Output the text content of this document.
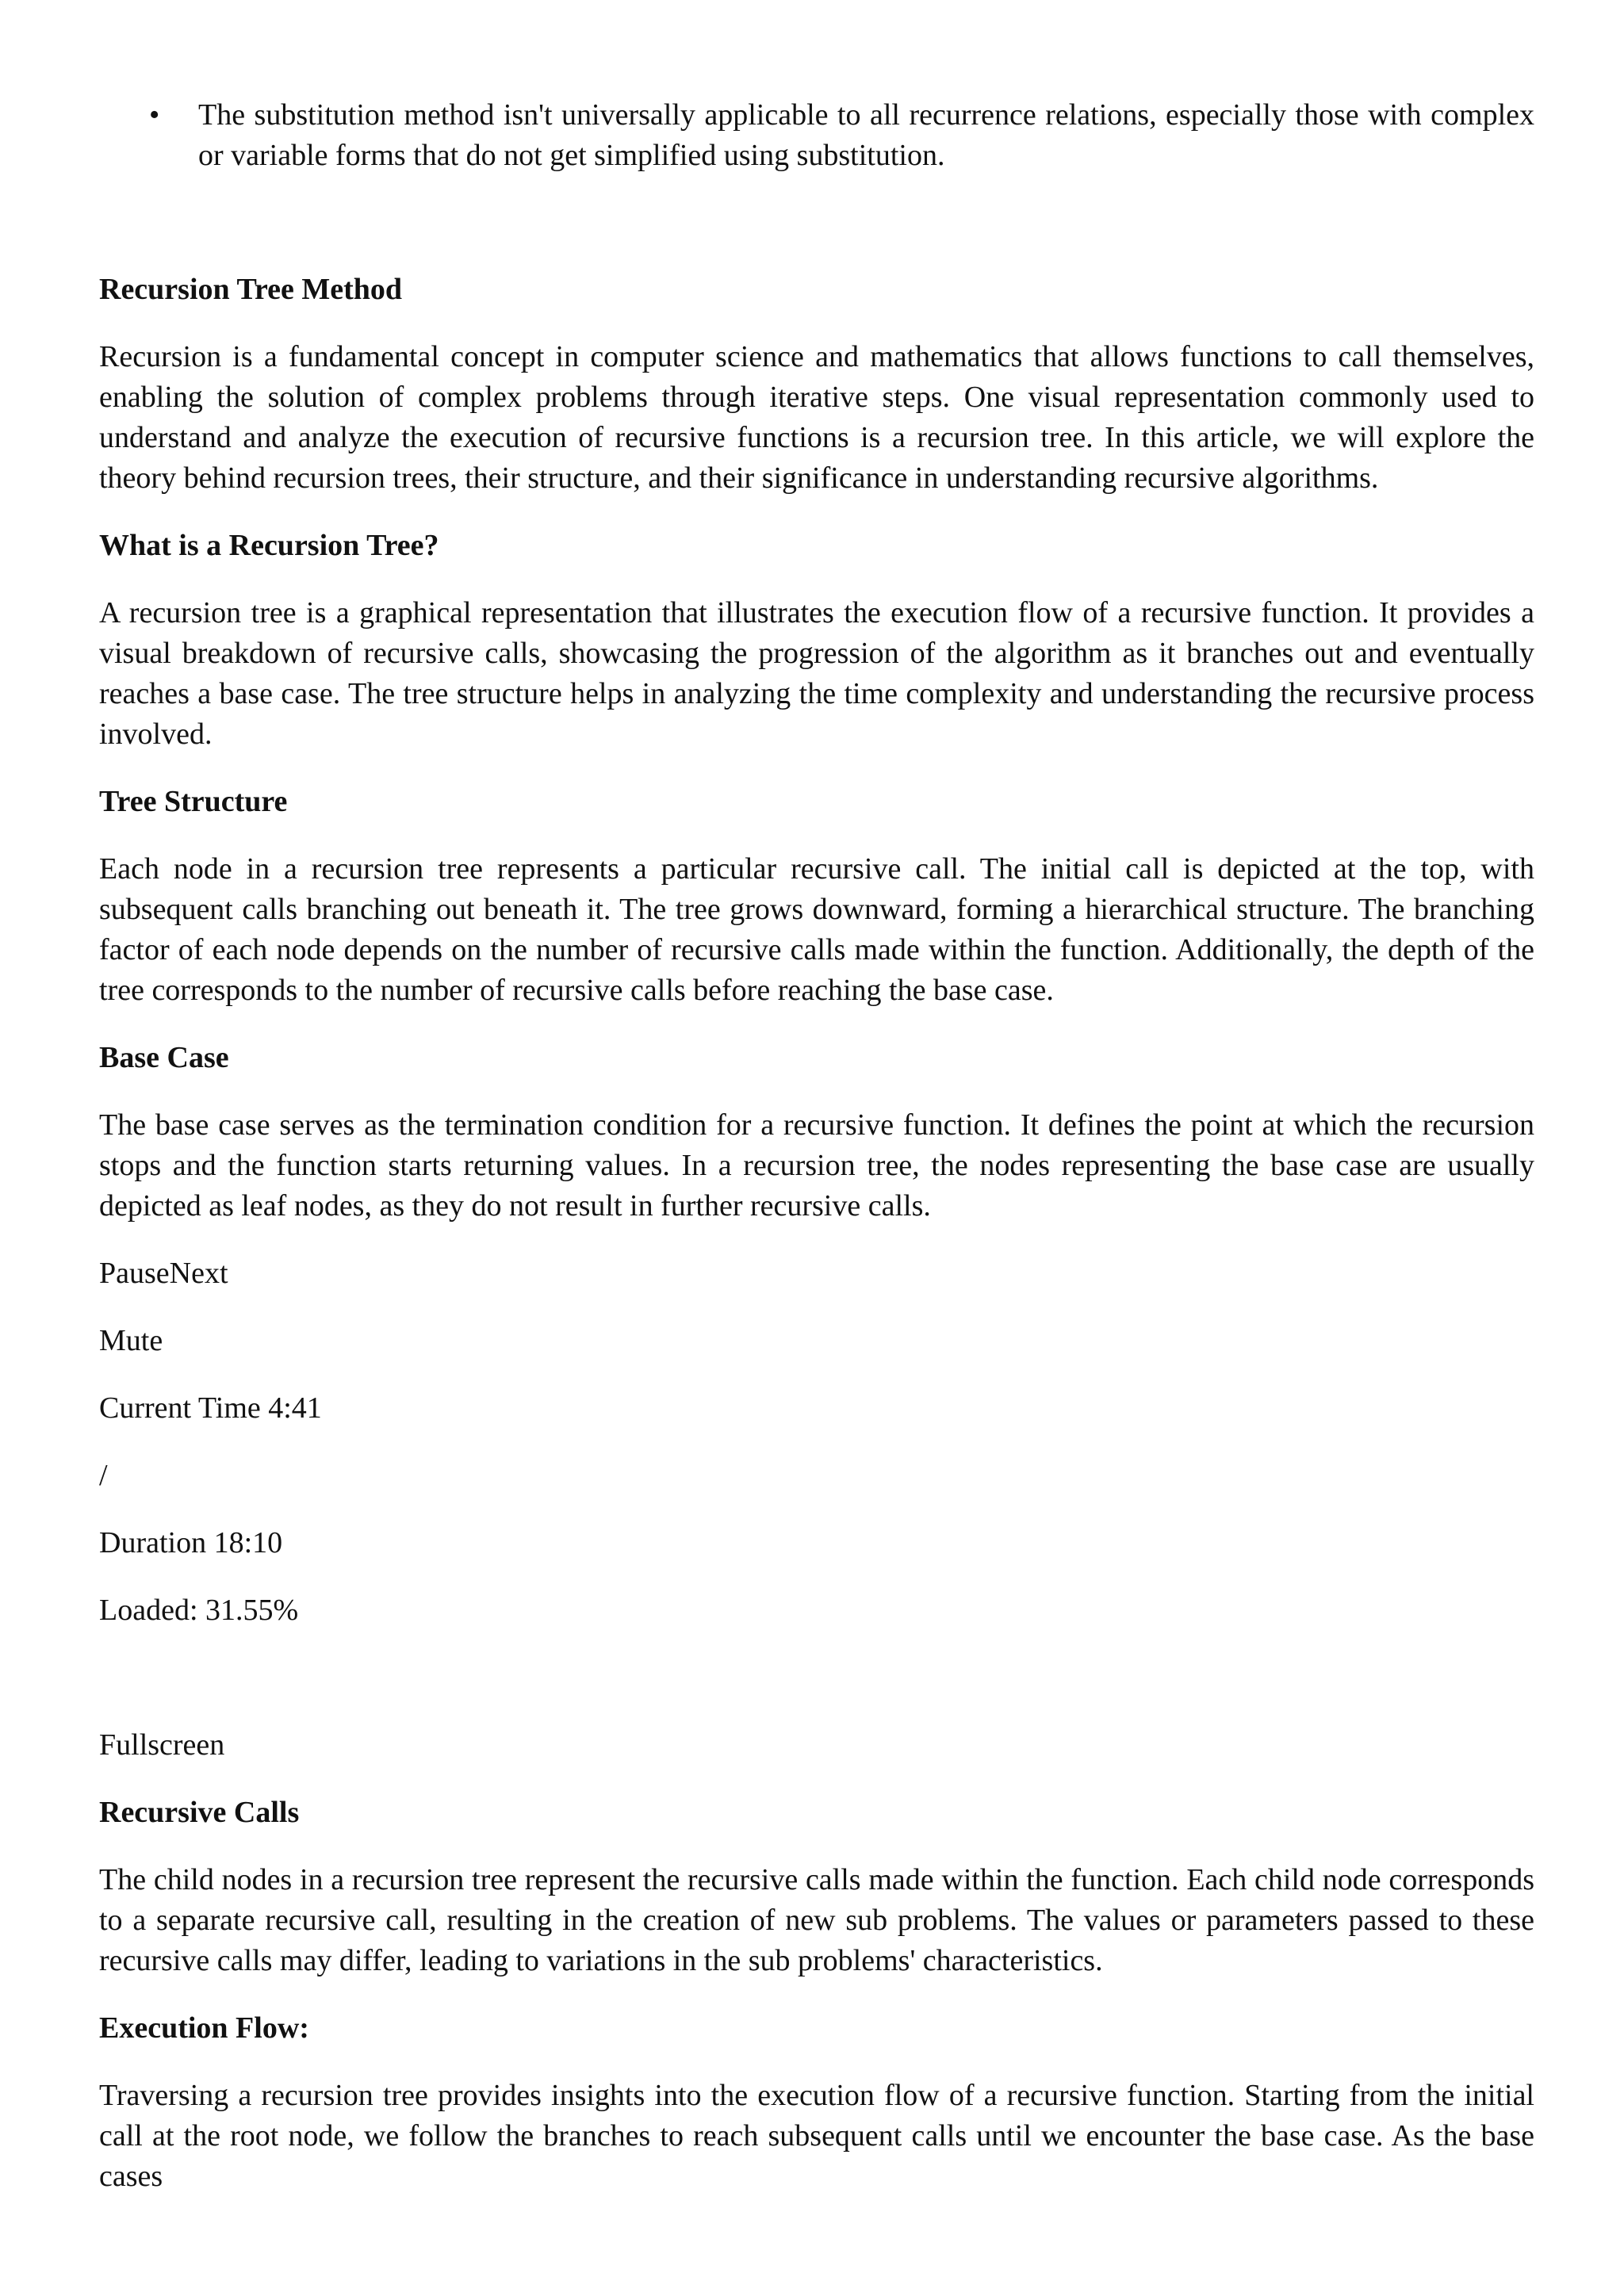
• The substitution method isn't universally applicable to all recurrence relations, especially those with complex or variable forms that do not get simplified using substitution.
Recursion Tree Method

Recursion is a fundamental concept in computer science and mathematics that allows functions to call themselves, enabling the solution of complex problems through iterative steps. One visual representation commonly used to understand and analyze the execution of recursive functions is a recursion tree. In this article, we will explore the theory behind recursion trees, their structure, and their significance in understanding recursive algorithms.

What is a Recursion Tree?

A recursion tree is a graphical representation that illustrates the execution flow of a recursive function. It provides a visual breakdown of recursive calls, showcasing the progression of the algorithm as it branches out and eventually reaches a base case. The tree structure helps in analyzing the time complexity and understanding the recursive process involved.

Tree Structure

Each node in a recursion tree represents a particular recursive call. The initial call is depicted at the top, with subsequent calls branching out beneath it. The tree grows downward, forming a hierarchical structure. The branching factor of each node depends on the number of recursive calls made within the function. Additionally, the depth of the tree corresponds to the number of recursive calls before reaching the base case.

Base Case

The base case serves as the termination condition for a recursive function. It defines the point at which the recursion stops and the function starts returning values. In a recursion tree, the nodes representing the base case are usually depicted as leaf nodes, as they do not result in further recursive calls.

PauseNext
Mute
Current Time 4:41
/
Duration 18:10
Loaded: 31.55%
Fullscreen
Recursive Calls

The child nodes in a recursion tree represent the recursive calls made within the function. Each child node corresponds to a separate recursive call, resulting in the creation of new sub problems. The values or parameters passed to these recursive calls may differ, leading to variations in the sub problems' characteristics.

Execution Flow:

Traversing a recursion tree provides insights into the execution flow of a recursive function. Starting from the initial call at the root node, we follow the branches to reach subsequent calls until we encounter the base case. As the base cases
